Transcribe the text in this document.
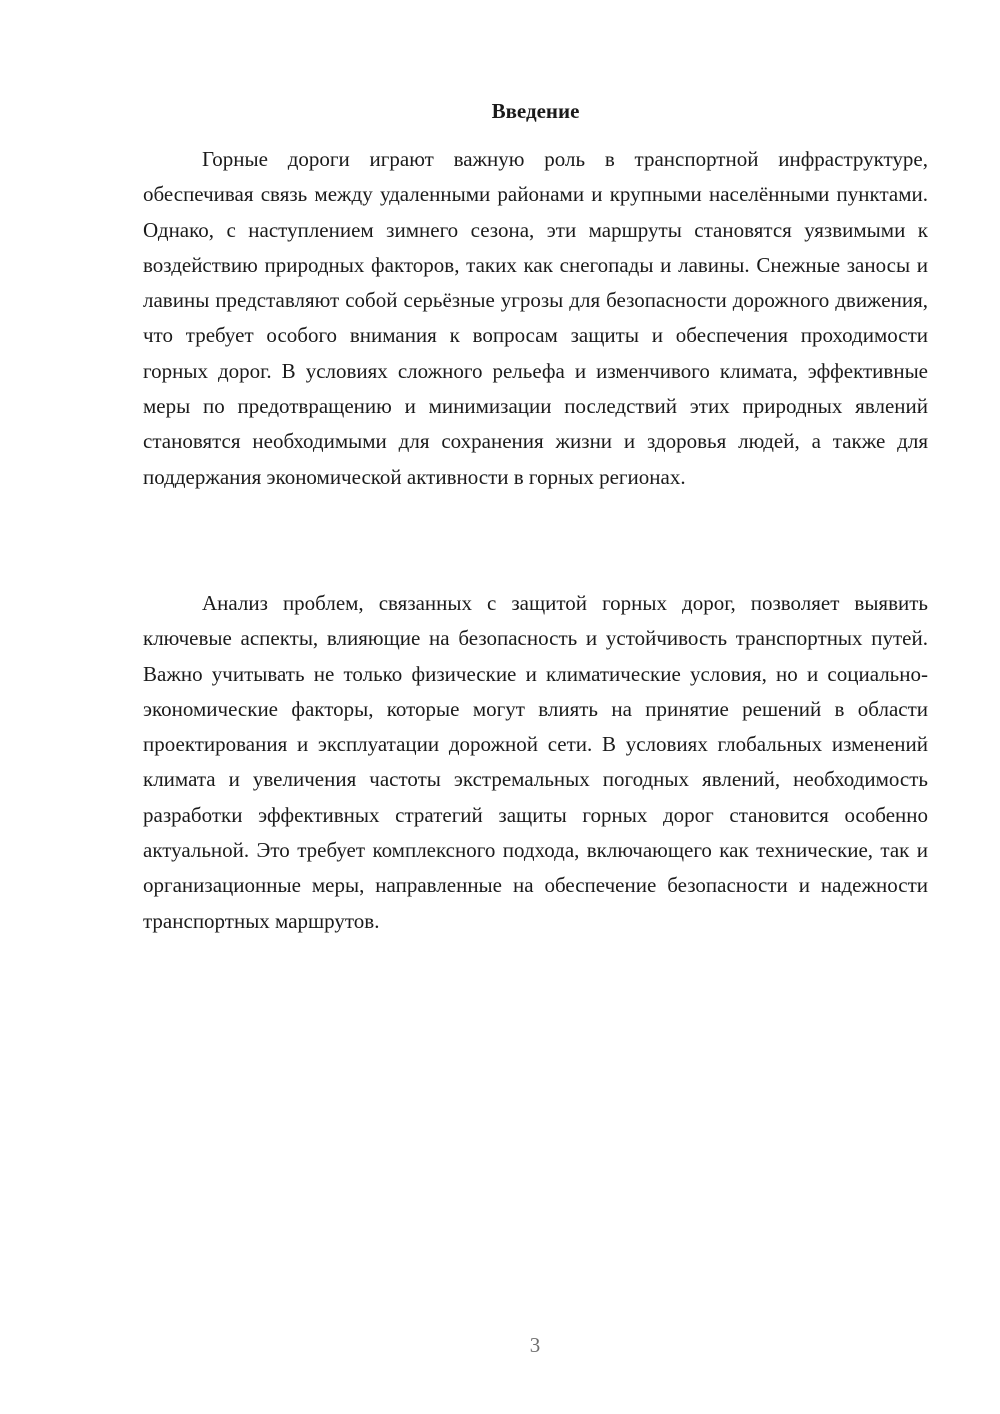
Введение

Горные дороги играют важную роль в транспортной инфраструктуре, обеспечивая связь между удаленными районами и крупными населёнными пунктами. Однако, с наступлением зимнего сезона, эти маршруты становятся уязвимыми к воздействию природных факторов, таких как снегопады и лавины. Снежные заносы и лавины представляют собой серьёзные угрозы для безопасности дорожного движения, что требует особого внимания к вопросам защиты и обеспечения проходимости горных дорог. В условиях сложного рельефа и изменчивого климата, эффективные меры по предотвращению и минимизации последствий этих природных явлений становятся необходимыми для сохранения жизни и здоровья людей, а также для поддержания экономической активности в горных регионах.

Анализ проблем, связанных с защитой горных дорог, позволяет выявить ключевые аспекты, влияющие на безопасность и устойчивость транспортных путей. Важно учитывать не только физические и климатические условия, но и социально-экономические факторы, которые могут влиять на принятие решений в области проектирования и эксплуатации дорожной сети. В условиях глобальных изменений климата и увеличения частоты экстремальных погодных явлений, необходимость разработки эффективных стратегий защиты горных дорог становится особенно актуальной. Это требует комплексного подхода, включающего как технические, так и организационные меры, направленные на обеспечение безопасности и надежности транспортных маршрутов.

3
